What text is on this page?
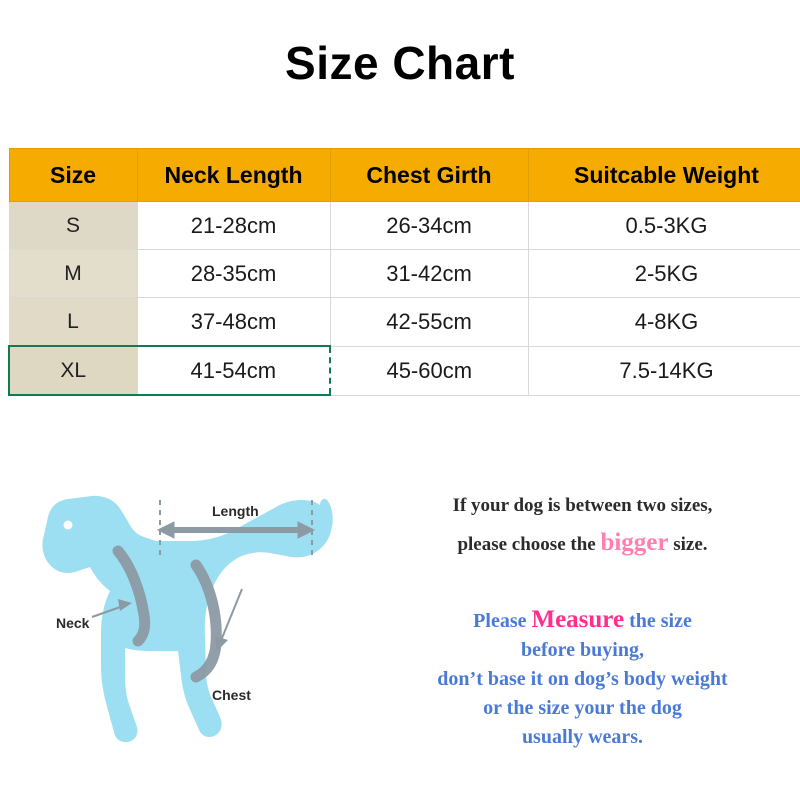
Size Chart
Size	Neck Length	Chest Girth	Suitcable Weight
S	21-28cm	26-34cm	0.5-3KG
M	28-35cm	31-42cm	2-5KG
L	37-48cm	42-55cm	4-8KG
XL	41-54cm	45-60cm	7.5-14KG
Length
Neck
Chest
If your dog is between two sizes,
please choose the bigger size.
Please Measure the size
before buying,
don’t base it on dog’s body weight
or the size your the dog
usually wears.
